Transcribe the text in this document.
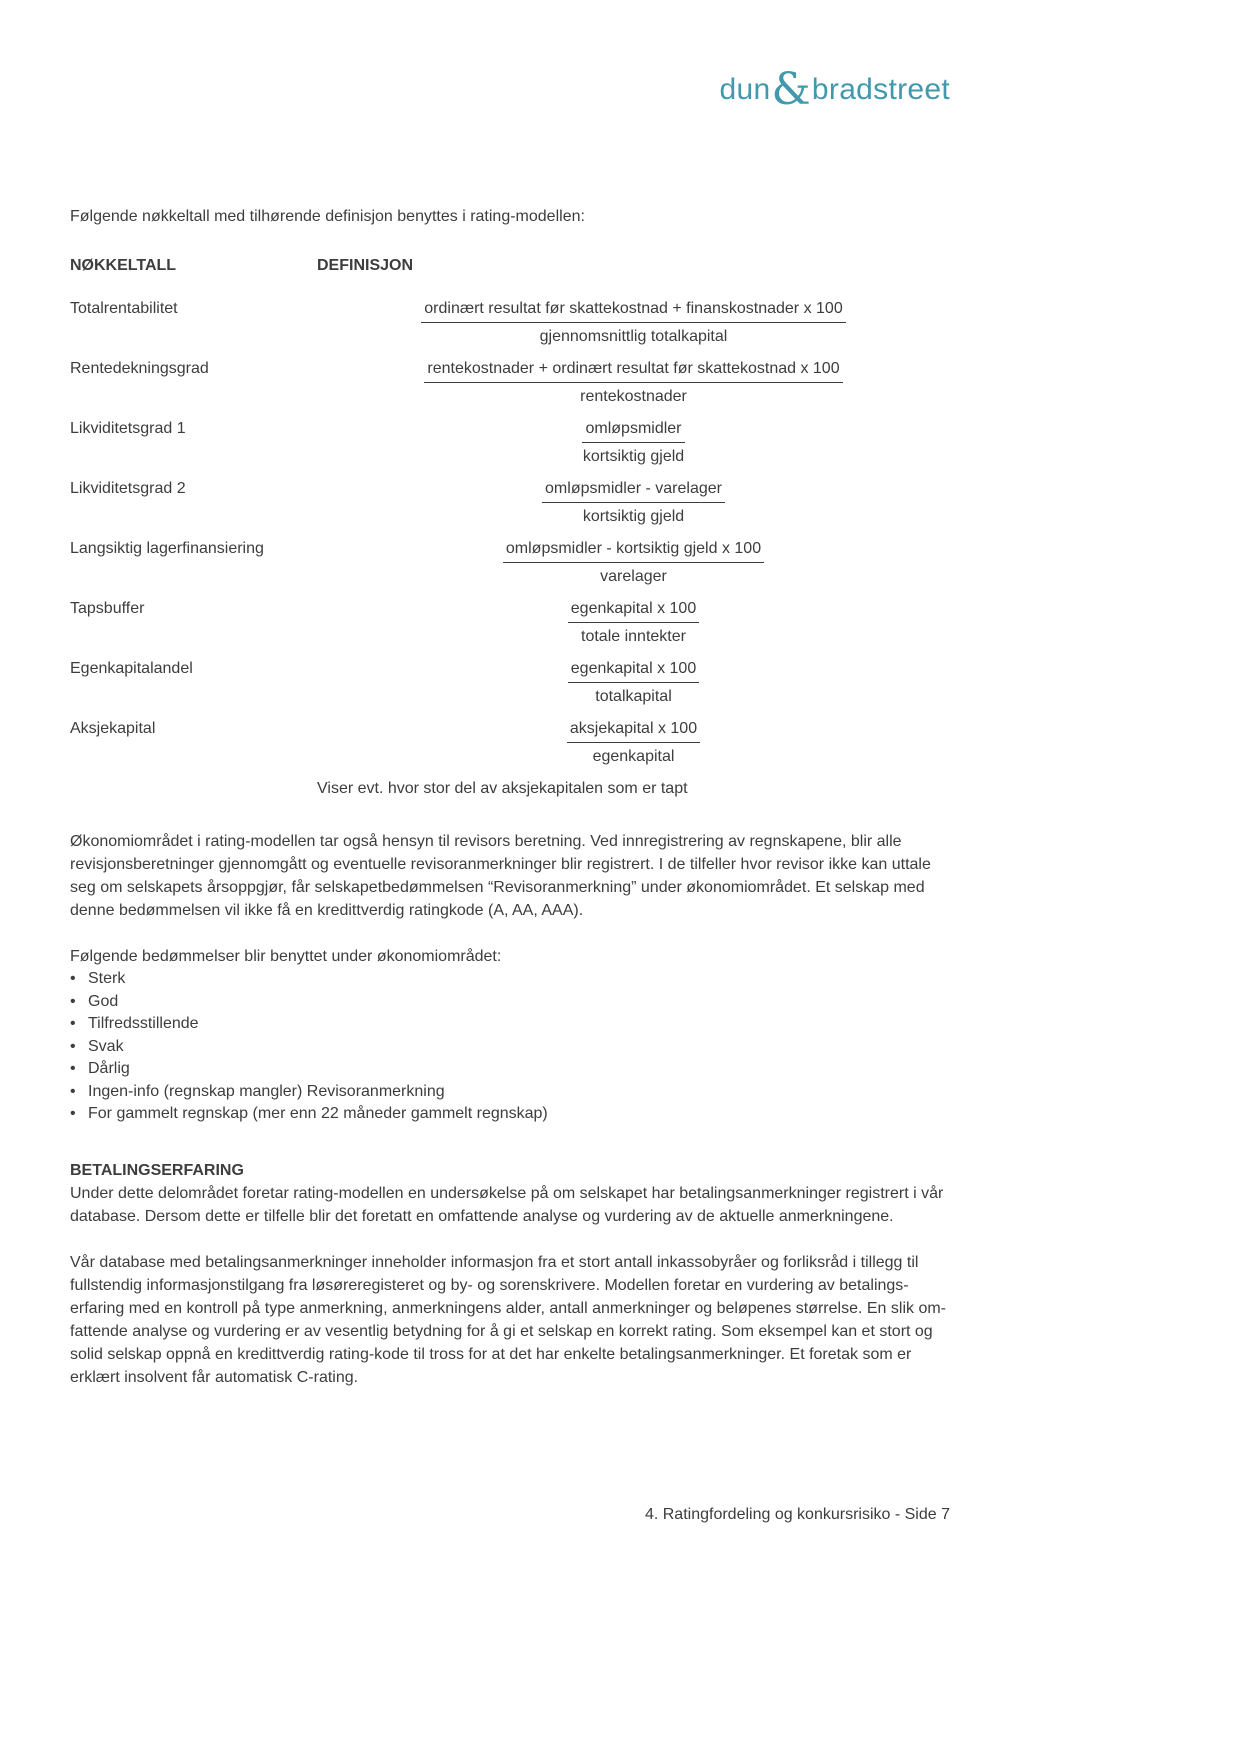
dun&bradstreet

Følgende nøkkeltall med tilhørende definisjon benyttes i rating-modellen:

NØKKELTALL	DEFINISJON
Totalrentabilitet	$\frac{\text{ordinært resultat før skattekostnad + finanskostnader x 100}}{\text{gjennomsnittlig totalkapital}}$
Rentedekningsgrad	$\frac{\text{rentekostnader + ordinært resultat før skattekostnad x 100}}{\text{rentekostnader}}$
Likviditetsgrad 1	$\frac{\text{omløpsmidler}}{\text{kortsiktig gjeld}}$
Likviditetsgrad 2	$\frac{\text{omløpsmidler - varelager}}{\text{kortsiktig gjeld}}$
Langsiktig lagerfinansiering	$\frac{\text{omløpsmidler - kortsiktig gjeld x 100}}{\text{varelager}}$
Tapsbuffer	$\frac{\text{egenkapital x 100}}{\text{totale inntekter}}$
Egenkapitalandel	$\frac{\text{egenkapital x 100}}{\text{totalkapital}}$
Aksjekapital	$\frac{\text{aksjekapital x 100}}{\text{egenkapital}}$
Viser evt. hvor stor del av aksjekapitalen som er tapt

Økonomiområdet i rating-modellen tar også hensyn til revisors beretning. Ved innregistrering av regnskapene, blir alle revisjonsberetninger gjennomgått og eventuelle revisoranmerkninger blir registrert. I de tilfeller hvor revisor ikke kan uttale seg om selskapets årsoppgjør, får selskapetbedømmelsen “Revisoranmerkning” under økonomiområdet. Et selskap med denne bedømmelsen vil ikke få en kredittverdig ratingkode (A, AA, AAA).

Følgende bedømmelser blir benyttet under økonomiområdet:

• Sterk
• God
• Tilfredsstillende
• Svak
• Dårlig
• Ingen-info (regnskap mangler) Revisoranmerkning
• For gammelt regnskap (mer enn 22 måneder gammelt regnskap)
BETALINGSERFARING

Under dette delområdet foretar rating-modellen en undersøkelse på om selskapet har betalingsanmerkninger registrert i vår database. Dersom dette er tilfelle blir det foretatt en omfattende analyse og vurdering av de aktuelle anmerkningene.

Vår database med betalingsanmerkninger inneholder informasjon fra et stort antall inkassobyråer og forliksråd i tillegg til fullstendig informasjonstilgang fra løsøreregisteret og by- og sorenskrivere. Modellen foretar en vurdering av betalings- erfaring med en kontroll på type anmerkning, anmerkningens alder, antall anmerkninger og beløpenes størrelse. En slik om- fattende analyse og vurdering er av vesentlig betydning for å gi et selskap en korrekt rating. Som eksempel kan et stort og solid selskap oppnå en kredittverdig rating-kode til tross for at det har enkelte betalingsanmerkninger. Et foretak som er erklært insolvent får automatisk C-rating.

4. Ratingfordeling og konkursrisiko - Side 7
